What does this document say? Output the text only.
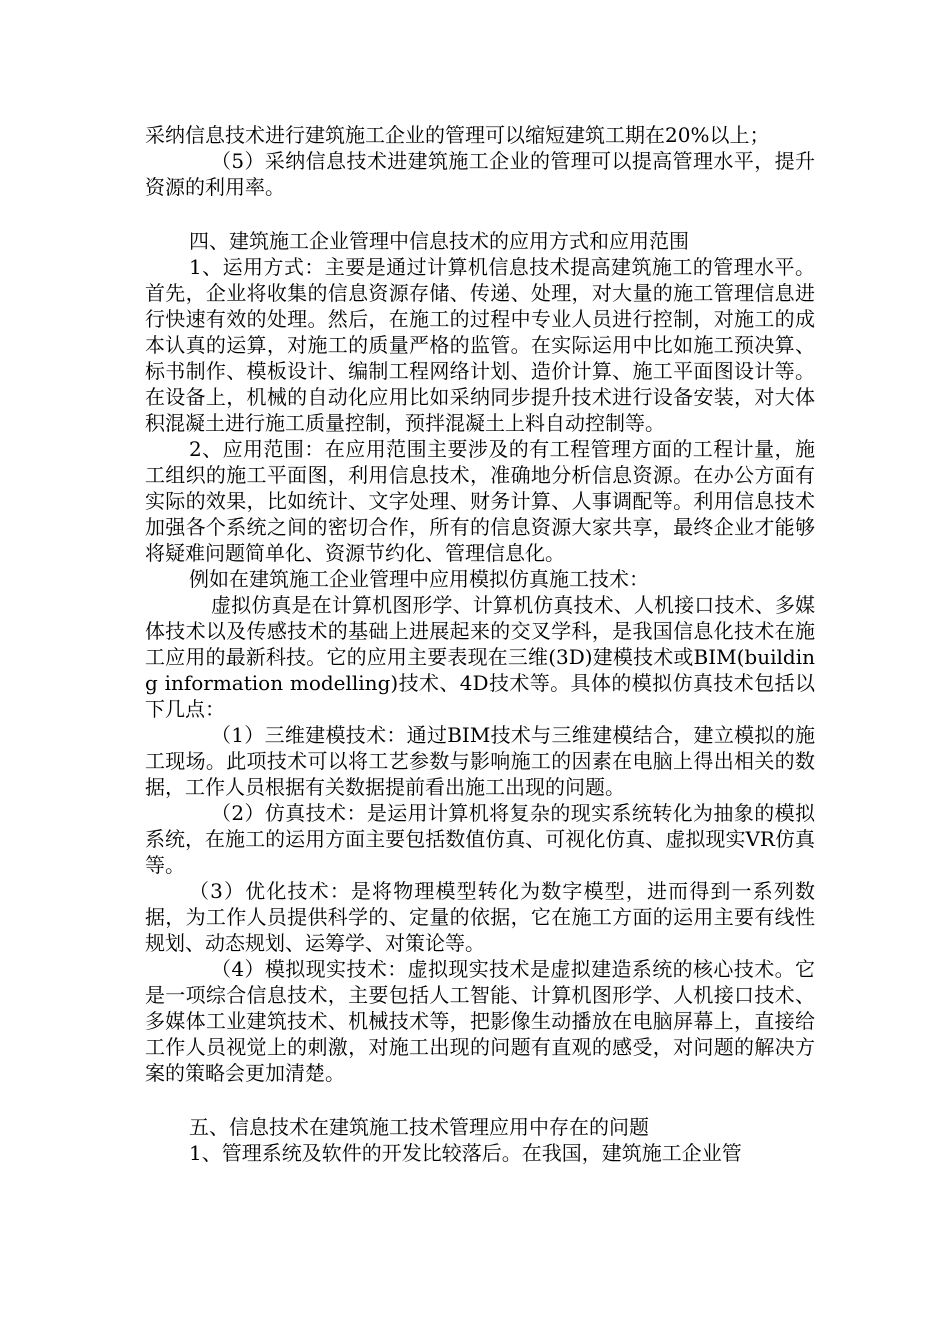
采纳信息技术进行建筑施工企业的管理可以缩短建筑工期在20%以上；

（5）采纳信息技术进建筑施工企业的管理可以提高管理水平，提升资源的利用率。

四、建筑施工企业管理中信息技术的应用方式和应用范围

1、运用方式：主要是通过计算机信息技术提高建筑施工的管理水平。首先，企业将收集的信息资源存储、传递、处理，对大量的施工管理信息进行快速有效的处理。然后，在施工的过程中专业人员进行控制，对施工的成本认真的运算，对施工的质量严格的监管。在实际运用中比如施工预决算、标书制作、模板设计、编制工程网络计划、造价计算、施工平面图设计等。在设备上，机械的自动化应用比如采纳同步提升技术进行设备安装，对大体积混凝土进行施工质量控制，预拌混凝土上料自动控制等。

2、应用范围：在应用范围主要涉及的有工程管理方面的工程计量，施工组织的施工平面图，利用信息技术，准确地分析信息资源。在办公方面有实际的效果，比如统计、文字处理、财务计算、人事调配等。利用信息技术加强各个系统之间的密切合作，所有的信息资源大家共享，最终企业才能够将疑难问题简单化、资源节约化、管理信息化。

例如在建筑施工企业管理中应用模拟仿真施工技术：

虚拟仿真是在计算机图形学、计算机仿真技术、人机接口技术、多媒体技术以及传感技术的基础上进展起来的交叉学科，是我国信息化技术在施工应用的最新科技。它的应用主要表现在三维(3D)建模技术或BIM(building information modelling)技术、4D技术等。具体的模拟仿真技术包括以下几点：

（1）三维建模技术：通过BIM技术与三维建模结合，建立模拟的施工现场。此项技术可以将工艺参数与影响施工的因素在电脑上得出相关的数据，工作人员根据有关数据提前看出施工出现的问题。

（2）仿真技术：是运用计算机将复杂的现实系统转化为抽象的模拟系统，在施工的运用方面主要包括数值仿真、可视化仿真、虚拟现实VR仿真等。

（3）优化技术：是将物理模型转化为数字模型，进而得到一系列数据，为工作人员提供科学的、定量的依据，它在施工方面的运用主要有线性规划、动态规划、运筹学、对策论等。

（4）模拟现实技术：虚拟现实技术是虚拟建造系统的核心技术。它是一项综合信息技术，主要包括人工智能、计算机图形学、人机接口技术、多媒体工业建筑技术、机械技术等，把影像生动播放在电脑屏幕上，直接给工作人员视觉上的刺激，对施工出现的问题有直观的感受，对问题的解决方案的策略会更加清楚。

五、信息技术在建筑施工技术管理应用中存在的问题

1、管理系统及软件的开发比较落后。在我国，建筑施工企业管
